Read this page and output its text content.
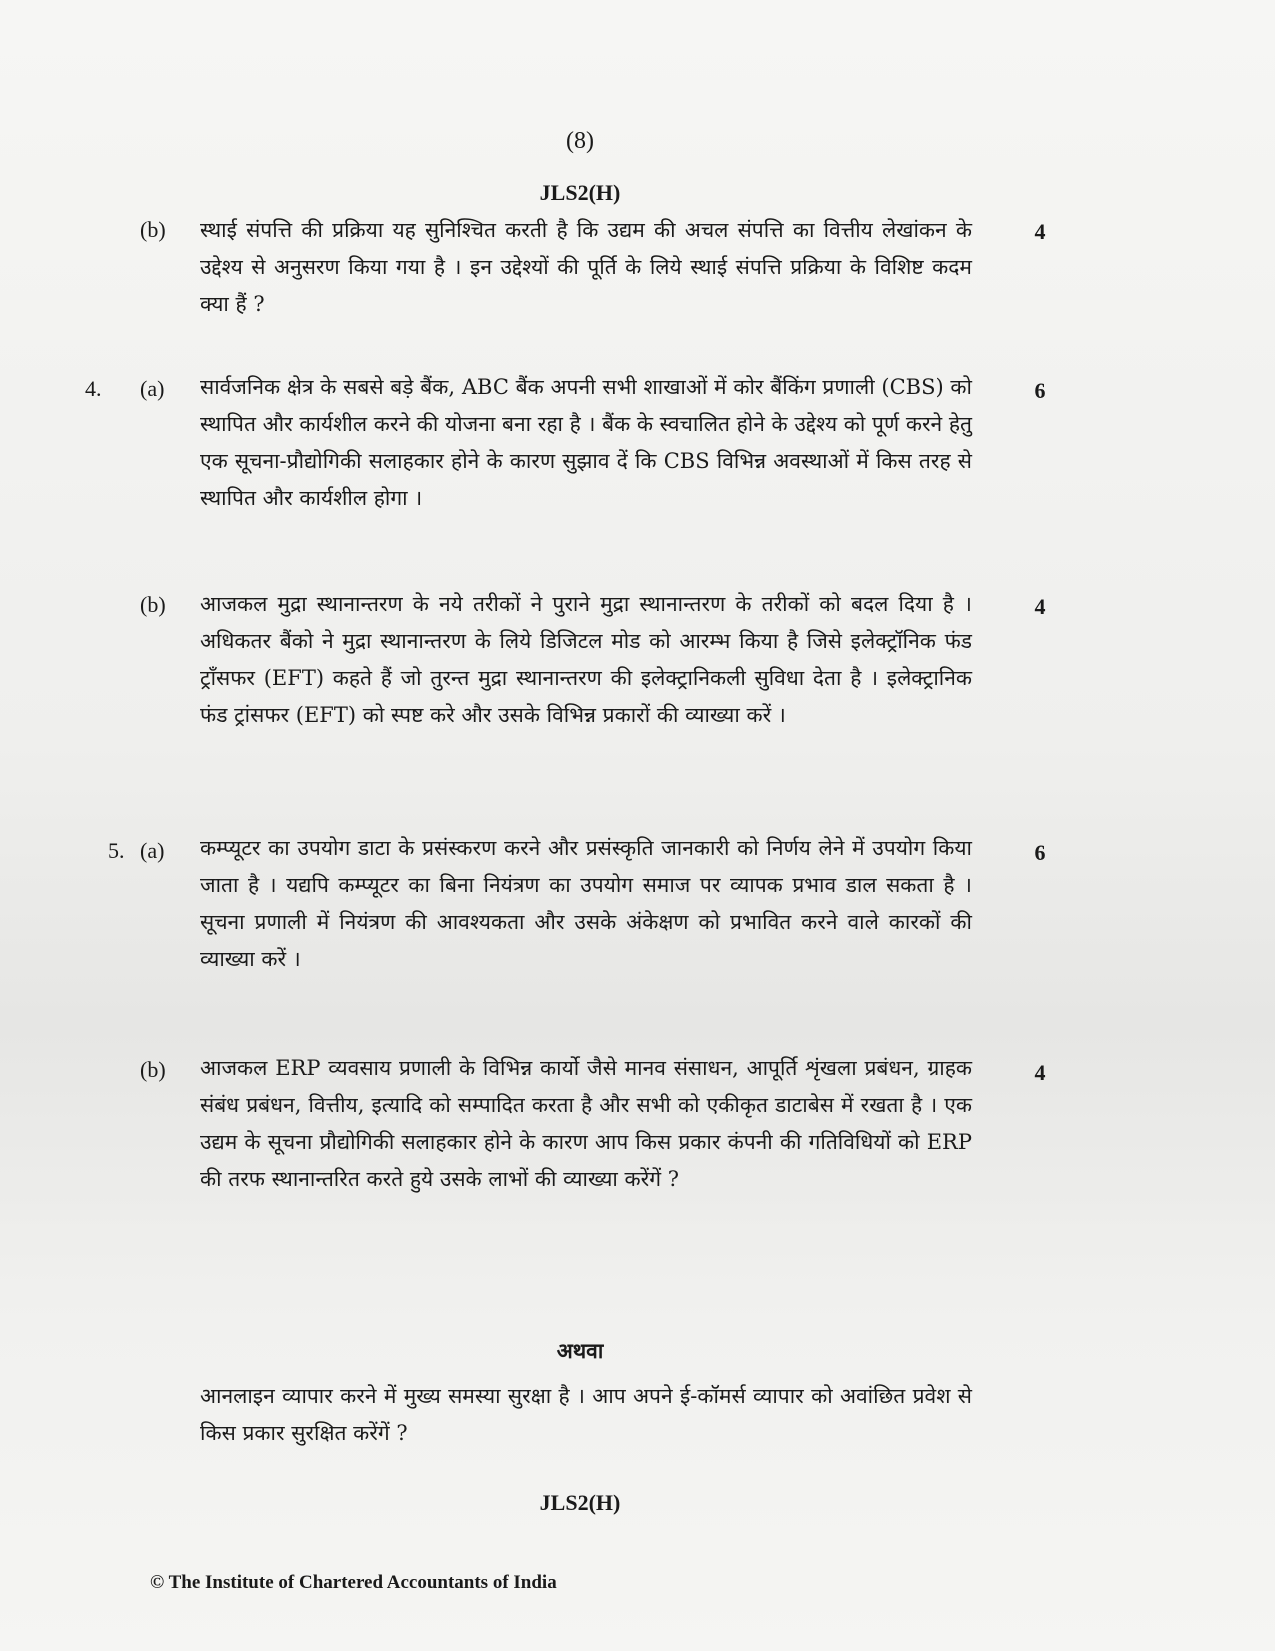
(8)
JLS2(H)
(b) स्थाई संपत्ति की प्रक्रिया यह सुनिश्चित करती है कि उद्यम की अचल संपत्ति का वित्तीय लेखांकन के उद्देश्य से अनुसरण किया गया है । इन उद्देश्यों की पूर्ति के लिये स्थाई संपत्ति प्रक्रिया के विशिष्ट कदम क्या हैं ?

4
4. (a) सार्वजनिक क्षेत्र के सबसे बड़े बैंक, ABC बैंक अपनी सभी शाखाओं में कोर बैंकिंग प्रणाली (CBS) को स्थापित और कार्यशील करने की योजना बना रहा है । बैंक के स्वचालित होने के उद्देश्य को पूर्ण करने हेतु एक सूचना-प्रौद्योगिकी सलाहकार होने के कारण सुझाव दें कि CBS विभिन्न अवस्थाओं में किस तरह से स्थापित और कार्यशील होगा ।

6
(b) आजकल मुद्रा स्थानान्तरण के नये तरीकों ने पुराने मुद्रा स्थानान्तरण के तरीकों को बदल दिया है । अधिकतर बैंको ने मुद्रा स्थानान्तरण के लिये डिजिटल मोड को आरम्भ किया है जिसे इलेक्ट्रॉनिक फंड ट्राँसफर (EFT) कहते हैं जो तुरन्त मुद्रा स्थानान्तरण की इलेक्ट्रानिकली सुविधा देता है । इलेक्ट्रानिक फंड ट्रांसफर (EFT) को स्पष्ट करे और उसके विभिन्न प्रकारों की व्याख्या करें ।

4
5. (a) कम्प्यूटर का उपयोग डाटा के प्रसंस्करण करने और प्रसंस्कृति जानकारी को निर्णय लेने में उपयोग किया जाता है । यद्यपि कम्प्यूटर का बिना नियंत्रण का उपयोग समाज पर व्यापक प्रभाव डाल सकता है । सूचना प्रणाली में नियंत्रण की आवश्यकता और उसके अंकेक्षण को प्रभावित करने वाले कारकों की व्याख्या करें ।

6
(b) आजकल ERP व्यवसाय प्रणाली के विभिन्न कार्यो जैसे मानव संसाधन, आपूर्ति शृंखला प्रबंधन, ग्राहक संबंध प्रबंधन, वित्तीय, इत्यादि को सम्पादित करता है और सभी को एकीकृत डाटाबेस में रखता है । एक उद्यम के सूचना प्रौद्योगिकी सलाहकार होने के कारण आप किस प्रकार कंपनी की गतिविधियों को ERP की तरफ स्थानान्तरित करते हुये उसके लाभों की व्याख्या करेंगें ?

4
अथवा

आनलाइन व्यापार करने में मुख्य समस्या सुरक्षा है । आप अपने ई-कॉमर्स व्यापार को अवांछित प्रवेश से किस प्रकार सुरक्षित करेंगें ?

JLS2(H)
© The Institute of Chartered Accountants of India
